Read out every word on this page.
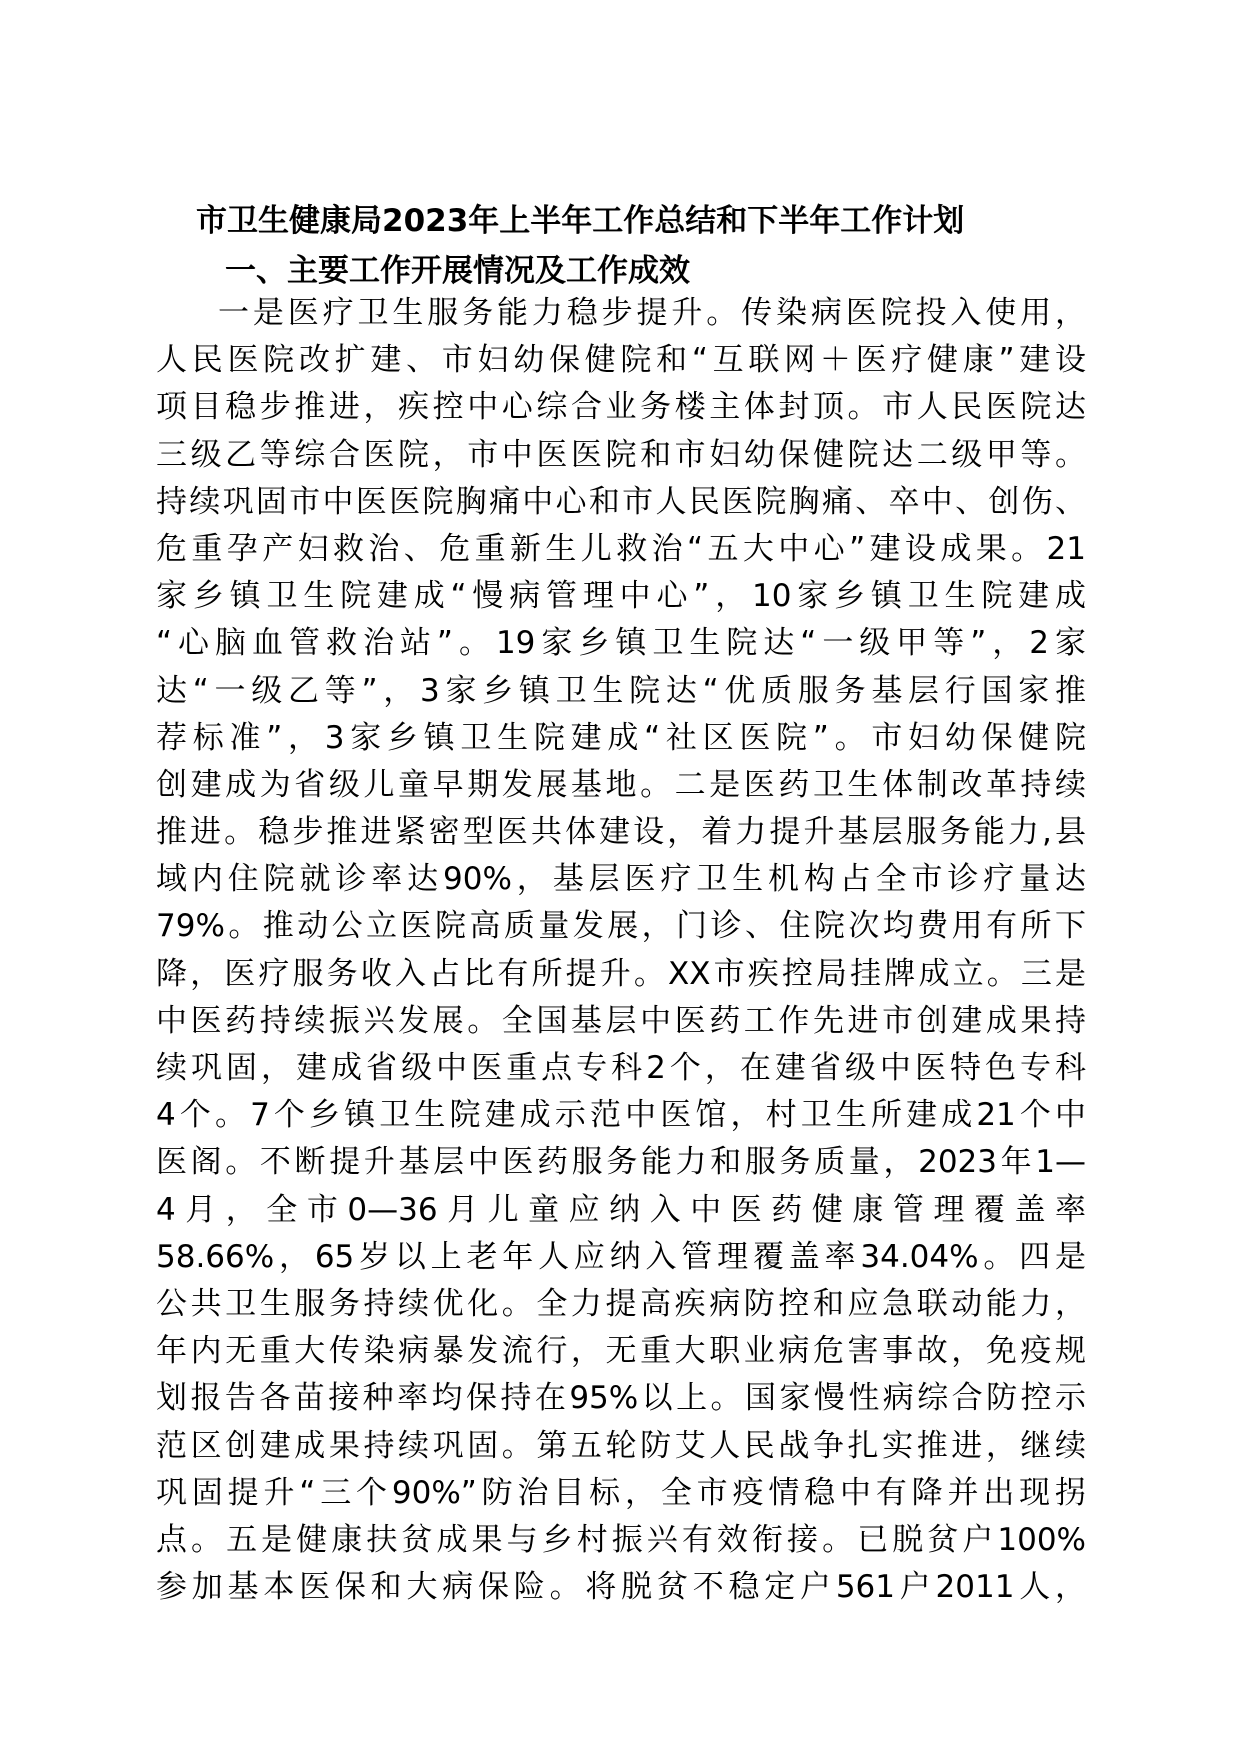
市卫生健康局2023年上半年工作总结和下半年工作计划
一、主要工作开展情况及工作成效
一是医疗卫生服务能力稳步提升。传染病医院投入使用，
人民医院改扩建、市妇幼保健院和“互联网＋医疗健康”建设
项目稳步推进，疾控中心综合业务楼主体封顶。市人民医院达
三级乙等综合医院，市中医医院和市妇幼保健院达二级甲等。
持续巩固市中医医院胸痛中心和市人民医院胸痛、卒中、创伤、
危重孕产妇救治、危重新生儿救治“五大中心”建设成果。21
家乡镇卫生院建成“慢病管理中心”，10家乡镇卫生院建成
“心脑血管救治站”。19家乡镇卫生院达“一级甲等”，2家
达“一级乙等”，3家乡镇卫生院达“优质服务基层行国家推
荐标准”，3家乡镇卫生院建成“社区医院”。市妇幼保健院
创建成为省级儿童早期发展基地。二是医药卫生体制改革持续
推进。稳步推进紧密型医共体建设，着力提升基层服务能力,县
域内住院就诊率达90%，基层医疗卫生机构占全市诊疗量达
79%。推动公立医院高质量发展，门诊、住院次均费用有所下
降，医疗服务收入占比有所提升。XX市疾控局挂牌成立。三是
中医药持续振兴发展。全国基层中医药工作先进市创建成果持
续巩固，建成省级中医重点专科2个，在建省级中医特色专科
4个。7个乡镇卫生院建成示范中医馆，村卫生所建成21个中
医阁。不断提升基层中医药服务能力和服务质量，2023年1—
4月，全市0—36月儿童应纳入中医药健康管理覆盖率
58.66%，65岁以上老年人应纳入管理覆盖率34.04%。四是
公共卫生服务持续优化。全力提高疾病防控和应急联动能力，
年内无重大传染病暴发流行，无重大职业病危害事故，免疫规
划报告各苗接种率均保持在95%以上。国家慢性病综合防控示
范区创建成果持续巩固。第五轮防艾人民战争扎实推进，继续
巩固提升“三个90%”防治目标，全市疫情稳中有降并出现拐
点。五是健康扶贫成果与乡村振兴有效衔接。已脱贫户100%
参加基本医保和大病保险。将脱贫不稳定户561户2011人，
